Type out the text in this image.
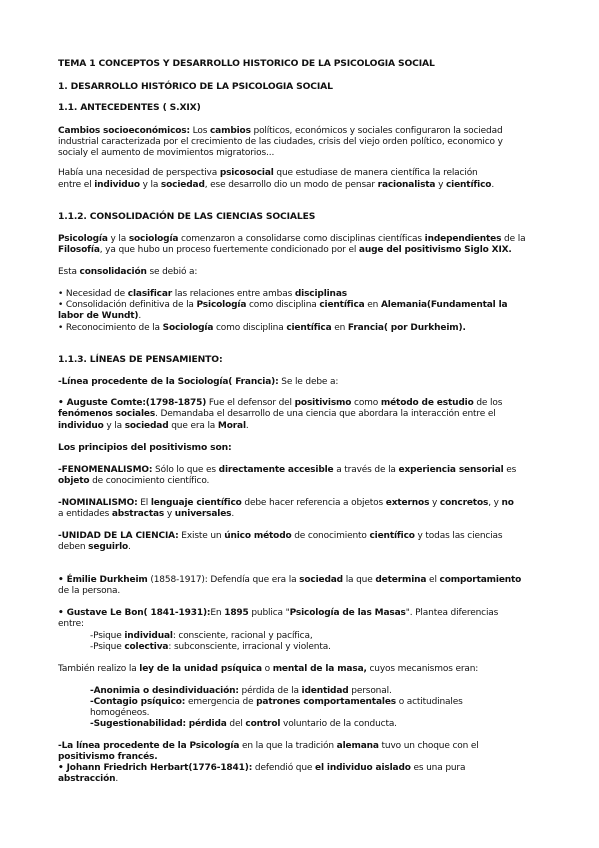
TEMA 1 CONCEPTOS Y DESARROLLO HISTORICO DE LA PSICOLOGIA SOCIAL
1. DESARROLLO HISTÓRICO DE LA PSICOLOGIA SOCIAL
1.1. ANTECEDENTES ( S.XIX)
Cambios socioeconómicos: Los cambios políticos, económicos y sociales configuraron la sociedad
industrial caracterizada por el crecimiento de las ciudades, crisis del viejo orden político, economico y
socialy el aumento de movimientos migratorios...
Había una necesidad de perspectiva psicosocial que estudiase de manera científica la relación
entre el individuo y la sociedad, ese desarrollo dio un modo de pensar racionalista y científico.
1.1.2. CONSOLIDACIÓN DE LAS CIENCIAS SOCIALES
Psicología y la sociología comenzaron a consolidarse como disciplinas científicas independientes de la
Filosofía, ya que hubo un proceso fuertemente condicionado por el auge del positivismo Siglo XIX.
Esta consolidación se debió a:
• Necesidad de clasificar las relaciones entre ambas disciplinas
• Consolidación definitiva de la Psicología como disciplina científica en Alemania(Fundamental la
labor de Wundt).
• Reconocimiento de la Sociología como disciplina científica en Francia( por Durkheim).
1.1.3. LÍNEAS DE PENSAMIENTO:
-Línea procedente de la Sociología( Francia): Se le debe a:
• Auguste Comte:(1798-1875) Fue el defensor del positivismo como método de estudio de los
fenómenos sociales. Demandaba el desarrollo de una ciencia que abordara la interacción entre el
individuo y la sociedad que era la Moral.
Los principios del positivismo son:
-FENOMENALISMO: Sólo lo que es directamente accesible a través de la experiencia sensorial es
objeto de conocimiento científico.
-NOMINALISMO: El lenguaje científico debe hacer referencia a objetos externos y concretos, y no
a entidades abstractas y universales.
-UNIDAD DE LA CIENCIA: Existe un único método de conocimiento científico y todas las ciencias
deben seguirlo.
• Émilie Durkheim (1858-1917): Defendía que era la sociedad la que determina el comportamiento
de la persona.
• Gustave Le Bon( 1841-1931):En 1895 publica "Psicología de las Masas". Plantea diferencias
entre:
-Psique individual: consciente, racional y pacífica,
-Psique colectiva: subconsciente, irracional y violenta.
También realizo la ley de la unidad psíquica o mental de la masa, cuyos mecanismos eran:
-Anonimia o desindividuación: pérdida de la identidad personal.
-Contagio psíquico: emergencia de patrones comportamentales o actitudinales
homogéneos.
-Sugestionabilidad: pérdida del control voluntario de la conducta.
-La línea procedente de la Psicología en la que la tradición alemana tuvo un choque con el
positivismo francés.
• Johann Friedrich Herbart(1776-1841): defendió que el individuo aislado es una pura
abstracción.
